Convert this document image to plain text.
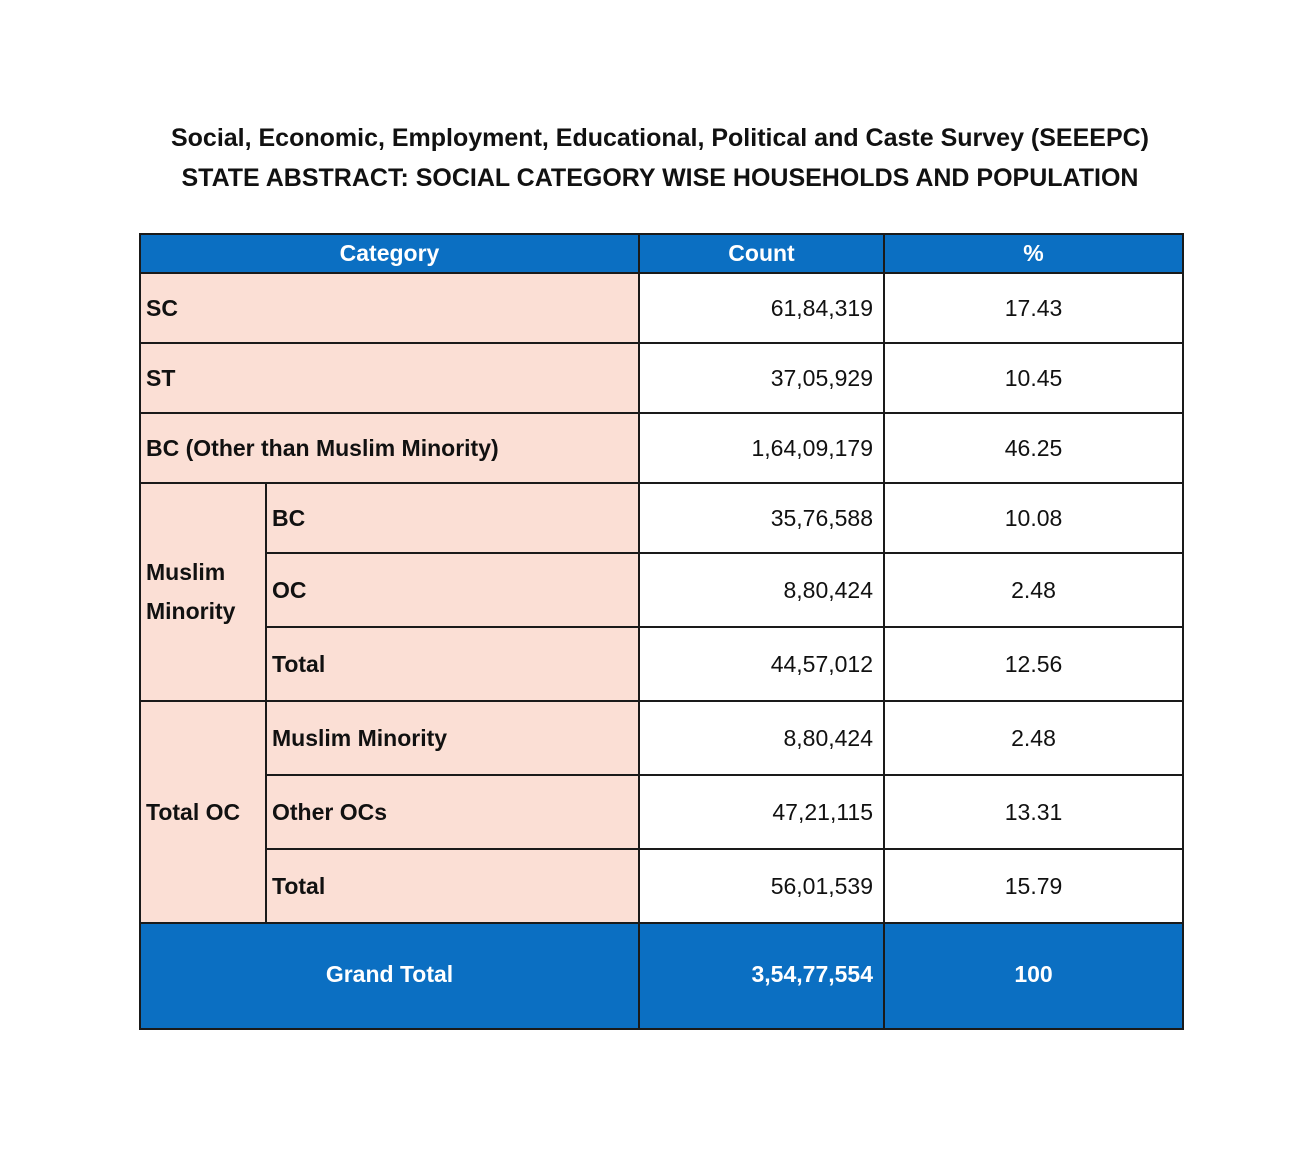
Social, Economic, Employment, Educational, Political and Caste Survey (SEEEPC)
STATE ABSTRACT: SOCIAL CATEGORY WISE HOUSEHOLDS AND POPULATION
Category		Count	%
SC		61,84,319	17.43
ST		37,05,929	10.45
BC (Other than Muslim Minority)		1,64,09,179	46.25
Muslim Minority	BC	35,76,588	10.08
	OC	8,80,424	2.48
	Total	44,57,012	12.56
Total OC	Muslim Minority	8,80,424	2.48
	Other OCs	47,21,115	13.31
	Total	56,01,539	15.79
Grand Total		3,54,77,554	100
